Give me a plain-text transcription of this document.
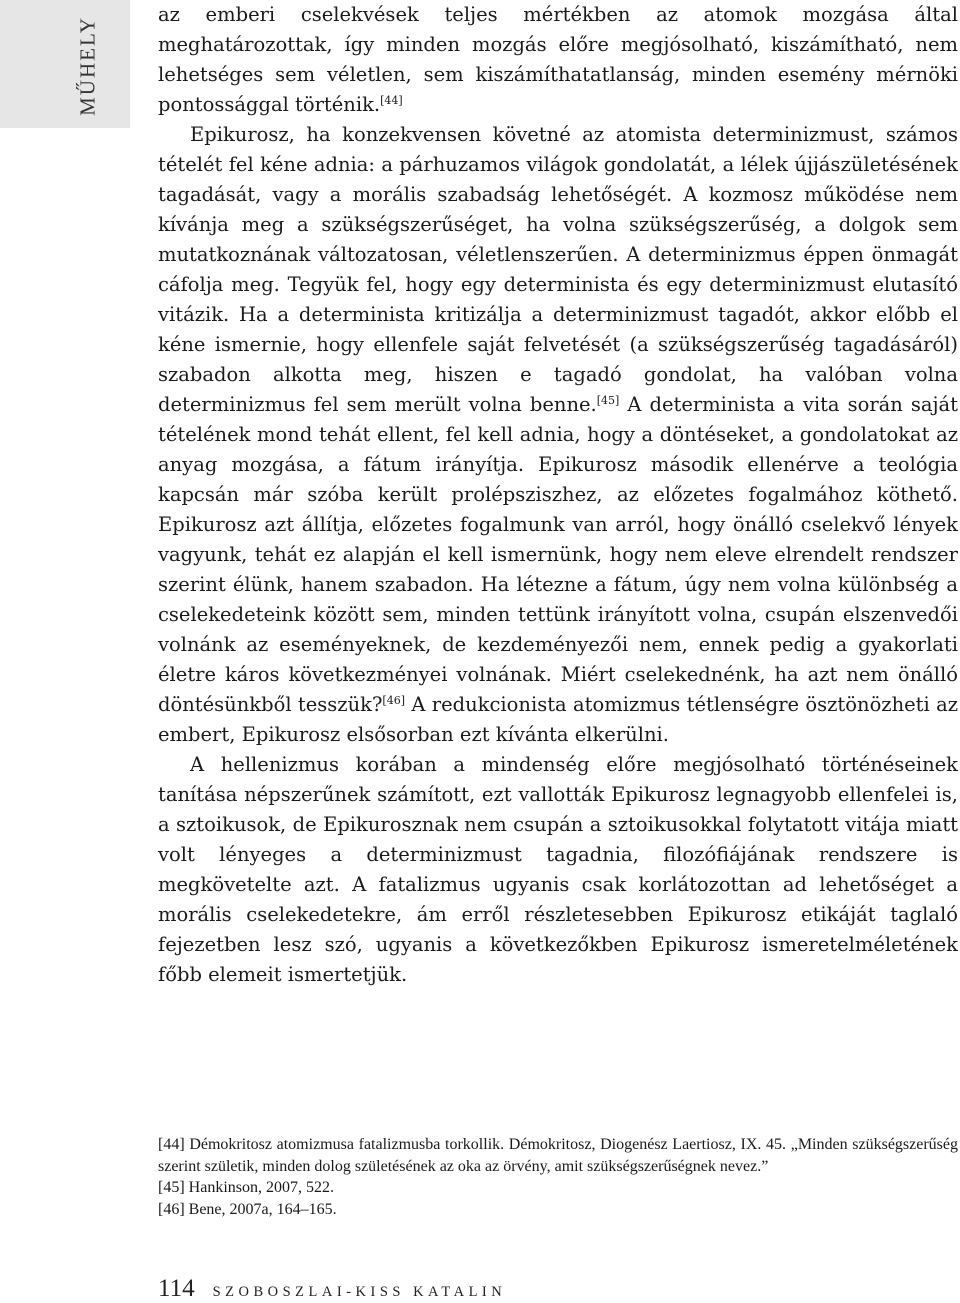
MŰHELY

az emberi cselekvések teljes mértékben az atomok mozgása által meghatározottak, így minden mozgás előre megjósolható, kiszámítható, nem lehetséges sem véletlen, sem kiszámíthatatlanság, minden esemény mérnöki pontossággal történik.[44]

Epikurosz, ha konzekvensen követné az atomista determinizmust, számos tételét fel kéne adnia: a párhuzamos világok gondolatát, a lélek újjászületésének tagadását, vagy a morális szabadság lehetőségét. A kozmosz működése nem kívánja meg a szükségszerűséget, ha volna szükségszerűség, a dolgok sem mutatkoznának változatosan, véletlenszerűen. A determinizmus éppen önmagát cáfolja meg. Tegyük fel, hogy egy determinista és egy determinizmust elutasító vitázik. Ha a determinista kritizálja a determinizmust tagadót, akkor előbb el kéne ismernie, hogy ellenfele saját felvetését (a szükségszerűség tagadásáról) szabadon alkotta meg, hiszen e tagadó gondolat, ha valóban volna determinizmus fel sem merült volna benne.[45] A determinista a vita során saját tételének mond tehát ellent, fel kell adnia, hogy a döntéseket, a gondolatokat az anyag mozgása, a fátum irányítja. Epikurosz második ellenérve a teológia kapcsán már szóba került prolépsziszhez, az előzetes fogalmához köthető. Epikurosz azt állítja, előzetes fogalmunk van arról, hogy önálló cselekvő lények vagyunk, tehát ez alapján el kell ismernünk, hogy nem eleve elrendelt rendszer szerint élünk, hanem szabadon. Ha létezne a fátum, úgy nem volna különbség a cselekedeteink között sem, minden tettünk irányított volna, csupán elszenvedői volnánk az eseményeknek, de kezdeményezői nem, ennek pedig a gyakorlati életre káros következményei volnának. Miért cselekednénk, ha azt nem önálló döntésünkből tesszük?[46] A redukcionista atomizmus tétlenségre ösztönözheti az embert, Epikurosz elsősorban ezt kívánta elkerülni.

A hellenizmus korában a mindenség előre megjósolható történéseinek tanítása népszerűnek számított, ezt vallották Epikurosz legnagyobb ellenfelei is, a sztoikusok, de Epikurosznak nem csupán a sztoikusokkal folytatott vitája miatt volt lényeges a determinizmust tagadnia, filozófiájának rendszere is megkövetelte azt. A fatalizmus ugyanis csak korlátozottan ad lehetőséget a morális cselekedetekre, ám erről részletesebben Epikurosz etikáját taglaló fejezetben lesz szó, ugyanis a következőkben Epikurosz ismeretelméletének főbb elemeit ismertetjük.

[44] Démokritosz atomizmusa fatalizmusba torkollik. Démokritosz, Diogenész Laertiosz, IX. 45. „Minden szükségszerűség szerint születik, minden dolog születésének az oka az örvény, amit szükségszerűségnek nevez.”

[45] Hankinson, 2007, 522.

[46] Bene, 2007a, 164–165.

114 SZOBOSZLAI-KISS KATALIN
